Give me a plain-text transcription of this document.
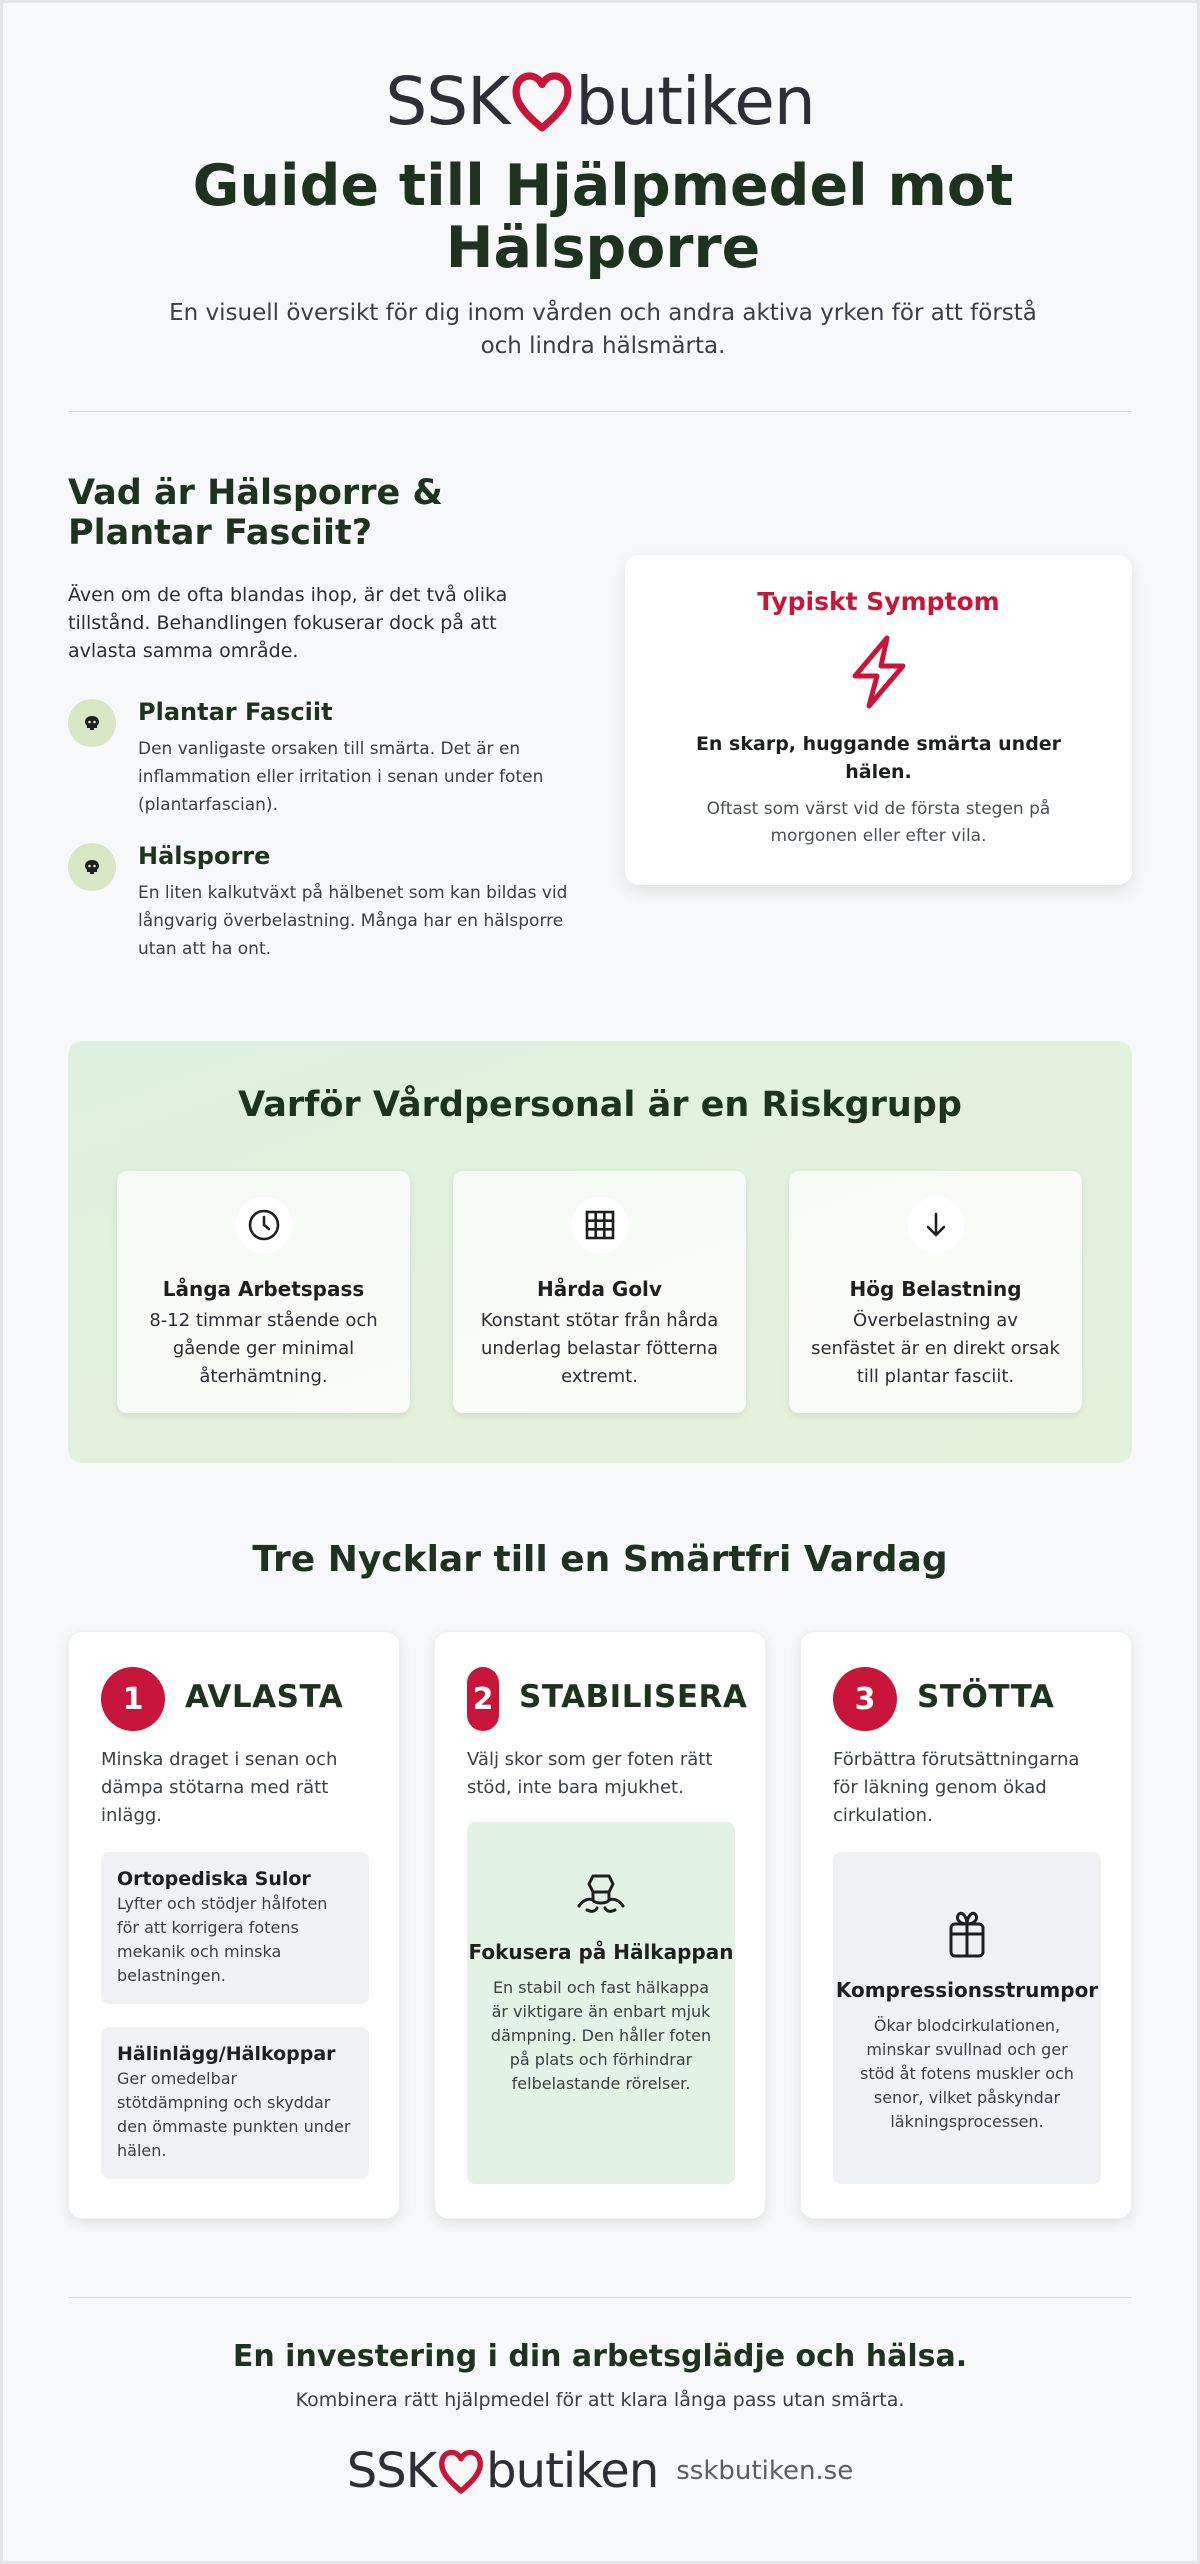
SSK butiken
Guide till Hjälpmedel mot Hälsporre

En visuell översikt för dig inom vården och andra aktiva yrken för att förstå och lindra hälsmärta.

Vad är Hälsporre & Plantar Fasciit?

Även om de ofta blandas ihop, är det två olika tillstånd. Behandlingen fokuserar dock på att avlasta samma område.

Plantar Fasciit

Den vanligaste orsaken till smärta. Det är en inflammation eller irritation i senan under foten (plantarfascian).

Hälsporre

En liten kalkutväxt på hälbenet som kan bildas vid långvarig överbelastning. Många har en hälsporre utan att ha ont.

Typiskt Symptom
En skarp, huggande smärta under hälen.
Oftast som värst vid de första stegen på morgonen eller efter vila.
Varför Vårdpersonal är en Riskgrupp
Långa Arbetspass

8-12 timmar stående och gående ger minimal återhämtning.

Hårda Golv

Konstant stötar från hårda underlag belastar fötterna extremt.

Hög Belastning

Överbelastning av senfästet är en direkt orsak till plantar fasciit.

Tre Nycklar till en Smärtfri Vardag
1	AVLASTA

Minska draget i senan och dämpa stötarna med rätt inlägg.

Ortopediska Sulor

Lyfter och stödjer hålfoten för att korrigera fotens mekanik och minska belastningen.

Hälinlägg/Hälkoppar

Ger omedelbar stötdämpning och skyddar den ömmaste punkten under hälen.

2 STABILISERA

Välj skor som ger foten rätt stöd, inte bara mjukhet.

Fokusera på Hälkappan

En stabil och fast hälkappa är viktigare än enbart mjuk dämpning. Den håller foten på plats och förhindrar felbelastande rörelser.

3	STÖTTA

Förbättra förutsättningarna för läkning genom ökad cirkulation.

Kompressionsstrumpor

Ökar blodcirkulationen, minskar svullnad och ger stöd åt fotens muskler och senor, vilket påskyndar läkningsprocessen.

En investering i din arbetsglädje och hälsa.

Kombinera rätt hjälpmedel för att klara långa pass utan smärta.

SSK butiken sskbutiken.se
